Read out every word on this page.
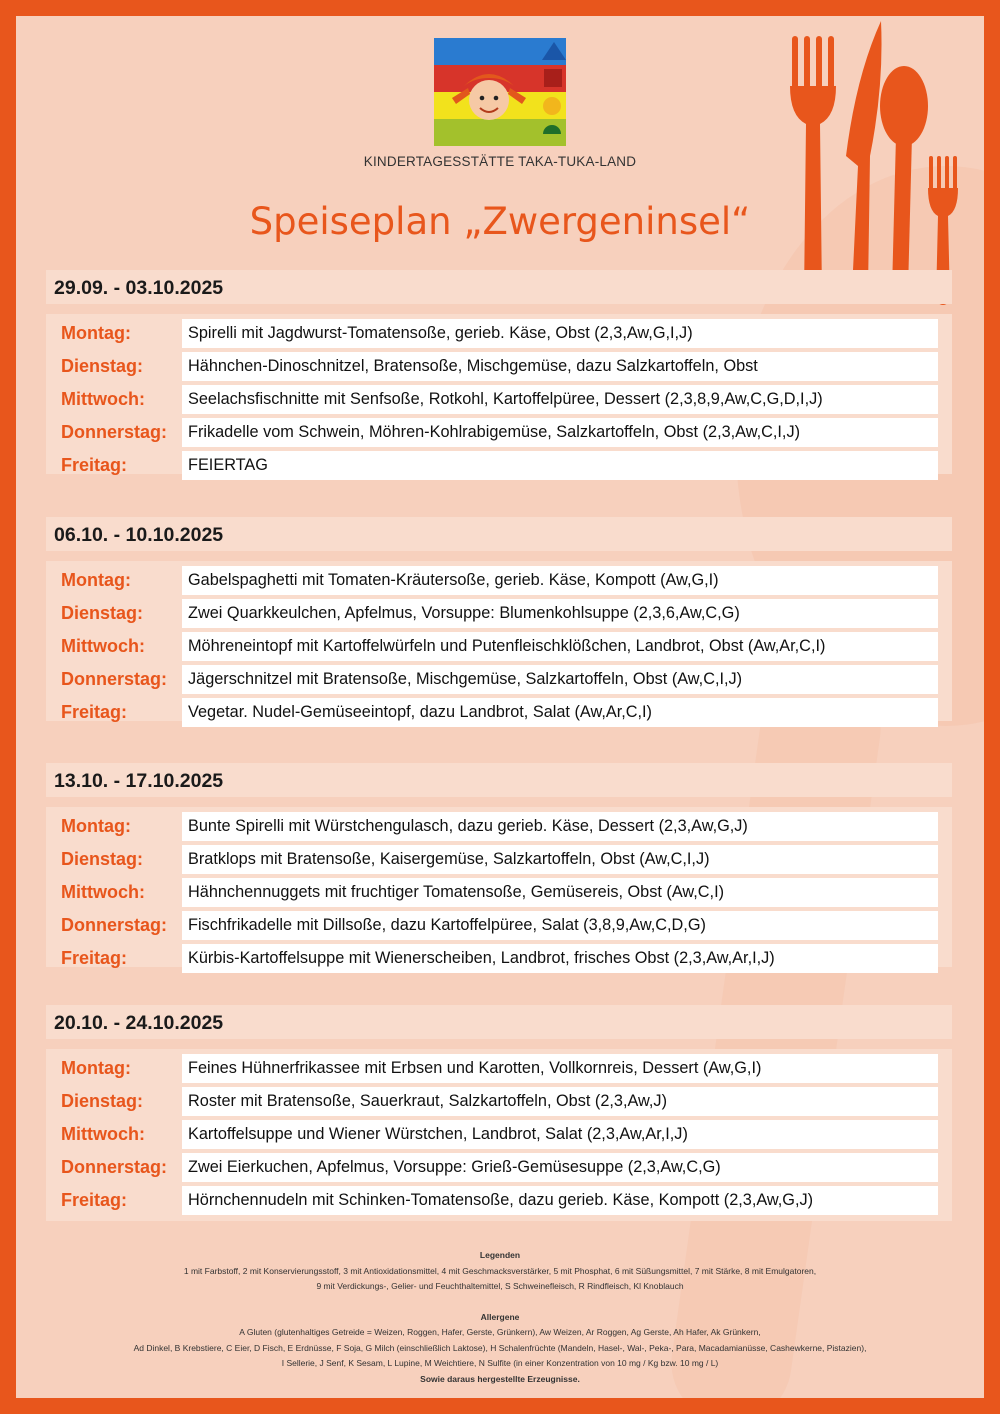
KINDERTAGESSTÄTTE TAKA-TUKA-LAND
Speiseplan „Zwergeninsel“
29.09. - 03.10.2025
Montag:	Spirelli mit Jagdwurst-Tomatensoße, gerieb. Käse, Obst (2,3,Aw,G,I,J)
Dienstag:	Hähnchen-Dinoschnitzel, Bratensoße, Mischgemüse, dazu Salzkartoffeln, Obst
Mittwoch:	Seelachsfischnitte mit Senfsoße, Rotkohl, Kartoffelpüree, Dessert (2,3,8,9,Aw,C,G,D,I,J)
Donnerstag:	Frikadelle vom Schwein, Möhren-Kohlrabigemüse, Salzkartoffeln, Obst (2,3,Aw,C,I,J)
Freitag:	FEIERTAG
06.10. - 10.10.2025
Montag:	Gabelspaghetti mit Tomaten-Kräutersoße, gerieb. Käse, Kompott (Aw,G,I)
Dienstag:	Zwei Quarkkeulchen, Apfelmus, Vorsuppe: Blumenkohlsuppe (2,3,6,Aw,C,G)
Mittwoch:	Möhreneintopf mit Kartoffelwürfeln und Putenfleischklößchen, Landbrot, Obst (Aw,Ar,C,I)
Donnerstag:	Jägerschnitzel mit Bratensoße, Mischgemüse, Salzkartoffeln, Obst (Aw,C,I,J)
Freitag:	Vegetar. Nudel-Gemüseeintopf, dazu Landbrot, Salat (Aw,Ar,C,I)
13.10. - 17.10.2025
Montag:	Bunte Spirelli mit Würstchengulasch, dazu gerieb. Käse, Dessert (2,3,Aw,G,J)
Dienstag:	Bratklops mit Bratensoße, Kaisergemüse, Salzkartoffeln, Obst (Aw,C,I,J)
Mittwoch:	Hähnchennuggets mit fruchtiger Tomatensoße, Gemüsereis, Obst (Aw,C,I)
Donnerstag:	Fischfrikadelle mit Dillsoße, dazu Kartoffelpüree, Salat (3,8,9,Aw,C,D,G)
Freitag:	Kürbis-Kartoffelsuppe mit Wienerscheiben, Landbrot, frisches Obst (2,3,Aw,Ar,I,J)
20.10. - 24.10.2025
Montag:	Feines Hühnerfrikassee mit Erbsen und Karotten, Vollkornreis, Dessert (Aw,G,I)
Dienstag:	Roster mit Bratensoße, Sauerkraut, Salzkartoffeln, Obst (2,3,Aw,J)
Mittwoch:	Kartoffelsuppe und Wiener Würstchen, Landbrot, Salat (2,3,Aw,Ar,I,J)
Donnerstag:	Zwei Eierkuchen, Apfelmus, Vorsuppe: Grieß-Gemüsesuppe (2,3,Aw,C,G)
Freitag:	Hörnchennudeln mit Schinken-Tomatensoße, dazu gerieb. Käse, Kompott (2,3,Aw,G,J)
Legenden
1 mit Farbstoff, 2 mit Konservierungsstoff, 3 mit Antioxidationsmittel, 4 mit Geschmacksverstärker, 5 mit Phosphat, 6 mit Süßungsmittel, 7 mit Stärke, 8 mit Emulgatoren,
9 mit Verdickungs-, Gelier- und Feuchthaltemittel, S Schweinefleisch, R Rindfleisch, Kl Knoblauch
Allergene
A Gluten (glutenhaltiges Getreide = Weizen, Roggen, Hafer, Gerste, Grünkern), Aw Weizen, Ar Roggen, Ag Gerste, Ah Hafer, Ak Grünkern,
Ad Dinkel, B Krebstiere, C Eier, D Fisch, E Erdnüsse, F Soja, G Milch (einschließlich Laktose), H Schalenfrüchte (Mandeln, Hasel-, Wal-, Peka-, Para, Macadamianüsse, Cashewkerne, Pistazien),
I Sellerie, J Senf, K Sesam, L Lupine, M Weichtiere, N Sulfite (in einer Konzentration von 10 mg / Kg bzw. 10 mg / L)
Sowie daraus hergestellte Erzeugnisse.
